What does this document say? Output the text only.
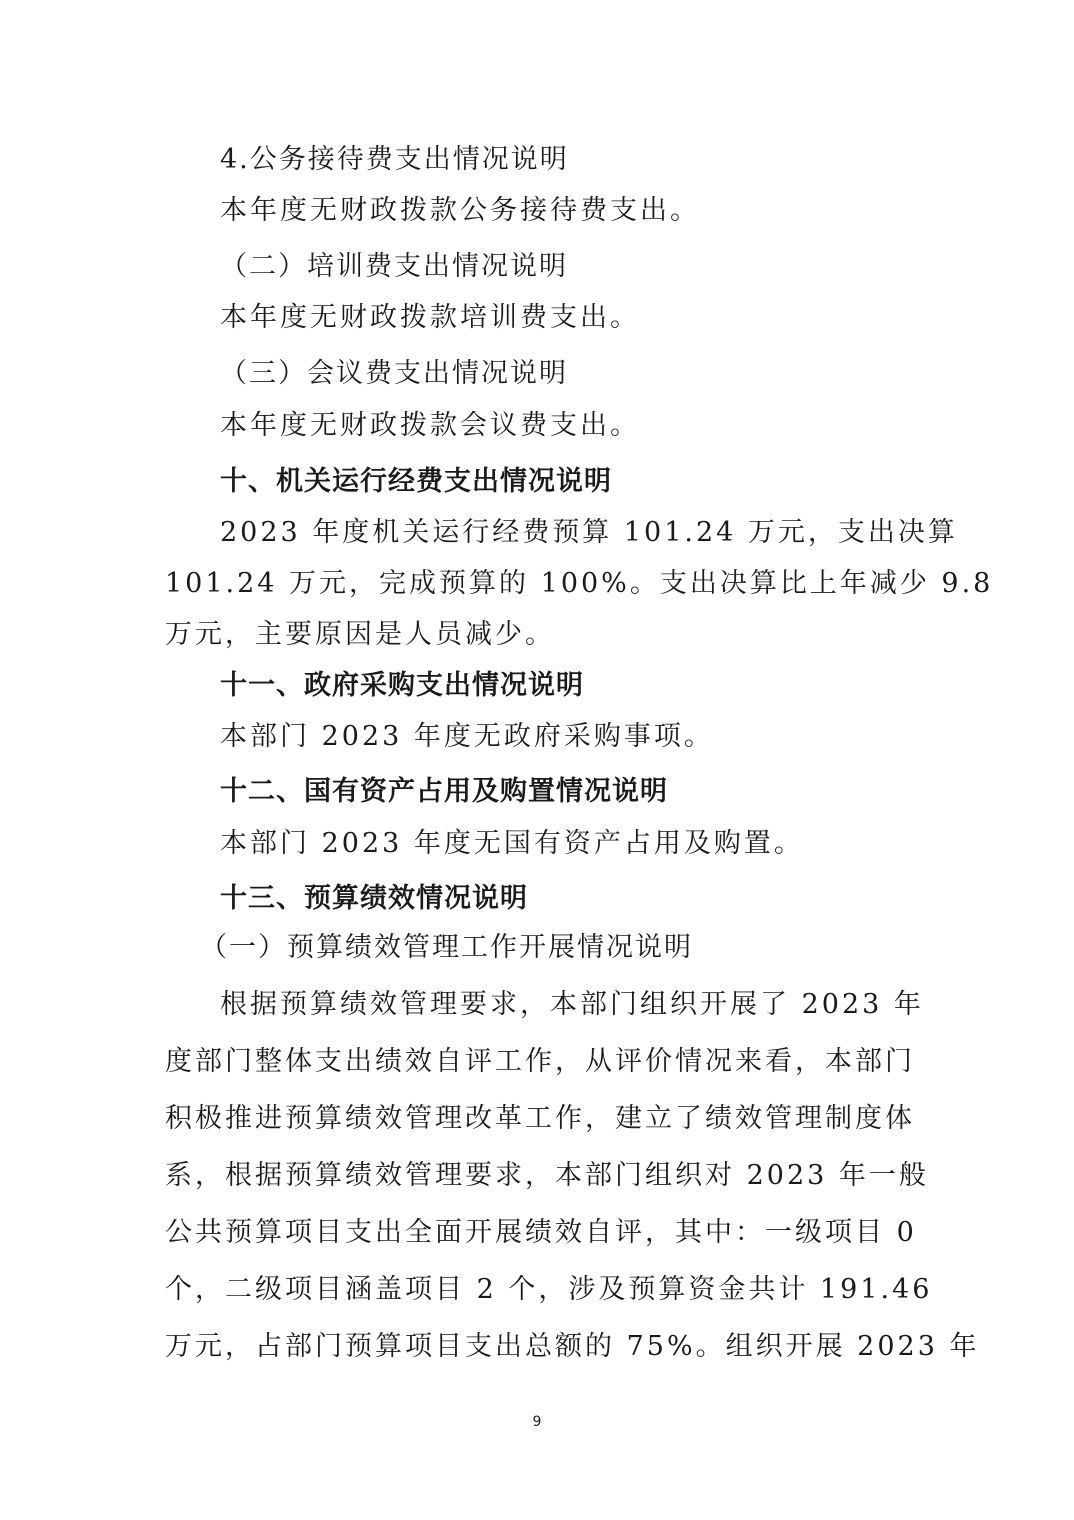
4.公务接待费支出情况说明
本年度无财政拨款公务接待费支出。
（二）培训费支出情况说明
本年度无财政拨款培训费支出。
（三）会议费支出情况说明
本年度无财政拨款会议费支出。
十、机关运行经费支出情况说明
2023 年度机关运行经费预算 101.24 万元，支出决算
101.24 万元，完成预算的 100%。支出决算比上年减少 9.8
万元，主要原因是人员减少。
十一、政府采购支出情况说明
本部门 2023 年度无政府采购事项。
十二、国有资产占用及购置情况说明
本部门 2023 年度无国有资产占用及购置。
十三、预算绩效情况说明
（一）预算绩效管理工作开展情况说明
根据预算绩效管理要求，本部门组织开展了 2023 年
度部门整体支出绩效自评工作，从评价情况来看，本部门
积极推进预算绩效管理改革工作，建立了绩效管理制度体
系，根据预算绩效管理要求，本部门组织对 2023 年一般
公共预算项目支出全面开展绩效自评，其中：一级项目 0
个，二级项目涵盖项目 2 个，涉及预算资金共计 191.46
万元，占部门预算项目支出总额的 75%。组织开展 2023 年
9
